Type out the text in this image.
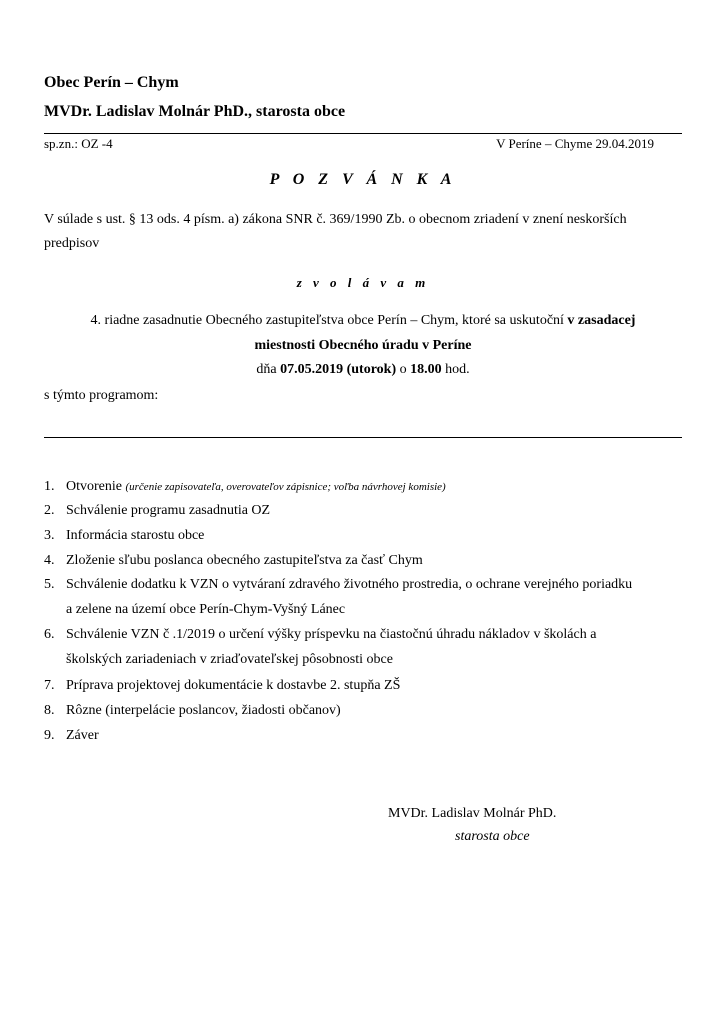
Obec Perín – Chym
MVDr. Ladislav Molnár PhD., starosta obce
sp.zn.: OZ -4	V Períne – Chyme 29.04.2019
P O Z V Á N K A
V súlade s ust. § 13 ods. 4 písm. a) zákona SNR č. 369/1990 Zb. o obecnom zriadení v znení neskorších
predpisov
z v o l á v a m
4. riadne zasadnutie Obecného zastupiteľstva obce Perín – Chym, ktoré sa uskutoční v zasadacej
miestnosti Obecného úradu v Períne
dňa 07.05.2019 (utorok) o 18.00 hod.
s týmto programom:
1. Otvorenie (určenie zapisovateľa, overovateľov zápisnice; voľba návrhovej komisie)
2. Schválenie programu zasadnutia OZ
3. Informácia starostu obce
4. Zloženie sľubu poslanca obecného zastupiteľstva za časť Chym
5. Schválenie dodatku k VZN o vytváraní zdravého životného prostredia, o ochrane verejného poriadku
a zelene na území obce Perín-Chym-Vyšný Lánec
6. Schválenie VZN č .1/2019 o určení výšky príspevku na čiastočnú úhradu nákladov v školách a
školských zariadeniach v zriaďovateľskej pôsobnosti obce
7. Príprava projektovej dokumentácie k dostavbe 2. stupňa ZŠ
8. Rôzne (interpelácie poslancov, žiadosti občanov)
9. Záver
MVDr. Ladislav Molnár PhD.
starosta obce
